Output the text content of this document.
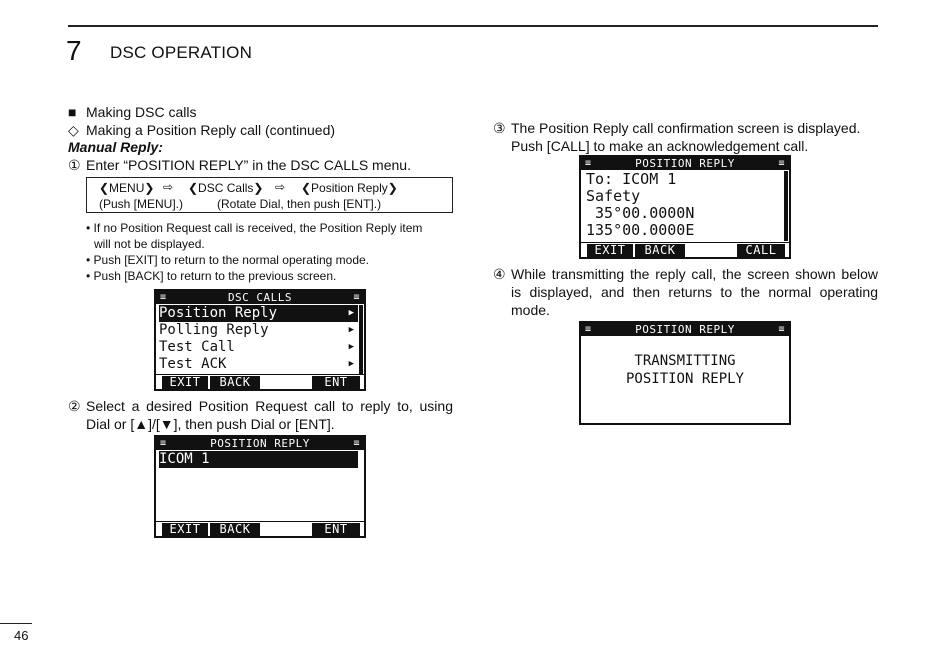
7 DSC OPERATION
■ Making DSC calls
◇ Making a Position Reply call (continued)
Manual Reply:
① Enter “POSITION REPLY” in the DSC CALLS menu.
❮MENU❯ ⇨ ❮DSC Calls❯ ⇨ ❮Position Reply❯
(Push [MENU].)	(Rotate Dial, then push [ENT].)
• If no Position Request call is received, the Position Reply item
will not be displayed.
• Push [EXIT] to return to the normal operating mode.
• Push [BACK] to return to the previous screen.
≡	DSC CALLS	≡
Position Reply	▶
Polling Reply	▶
Test Call	▶
Test ACK	▶
EXIT	BACK	ENT
② Select a desired Position Request call to reply to, using
Dial or [▲]/[▼], then push Dial or [ENT].
≡	POSITION REPLY	≡
ICOM 1
EXIT	BACK	ENT
③ The Position Reply call confirmation screen is displayed.
Push [CALL] to make an acknowledgement call.
≡	POSITION REPLY	≡
To: ICOM 1
Safety
35°00.0000N
135°00.0000E
EXIT	BACK	CALL
④ While transmitting the reply call, the screen shown below
is displayed, and then returns to the normal operating
mode.
≡	POSITION REPLY	≡
TRANSMITTING
POSITION REPLY
46
